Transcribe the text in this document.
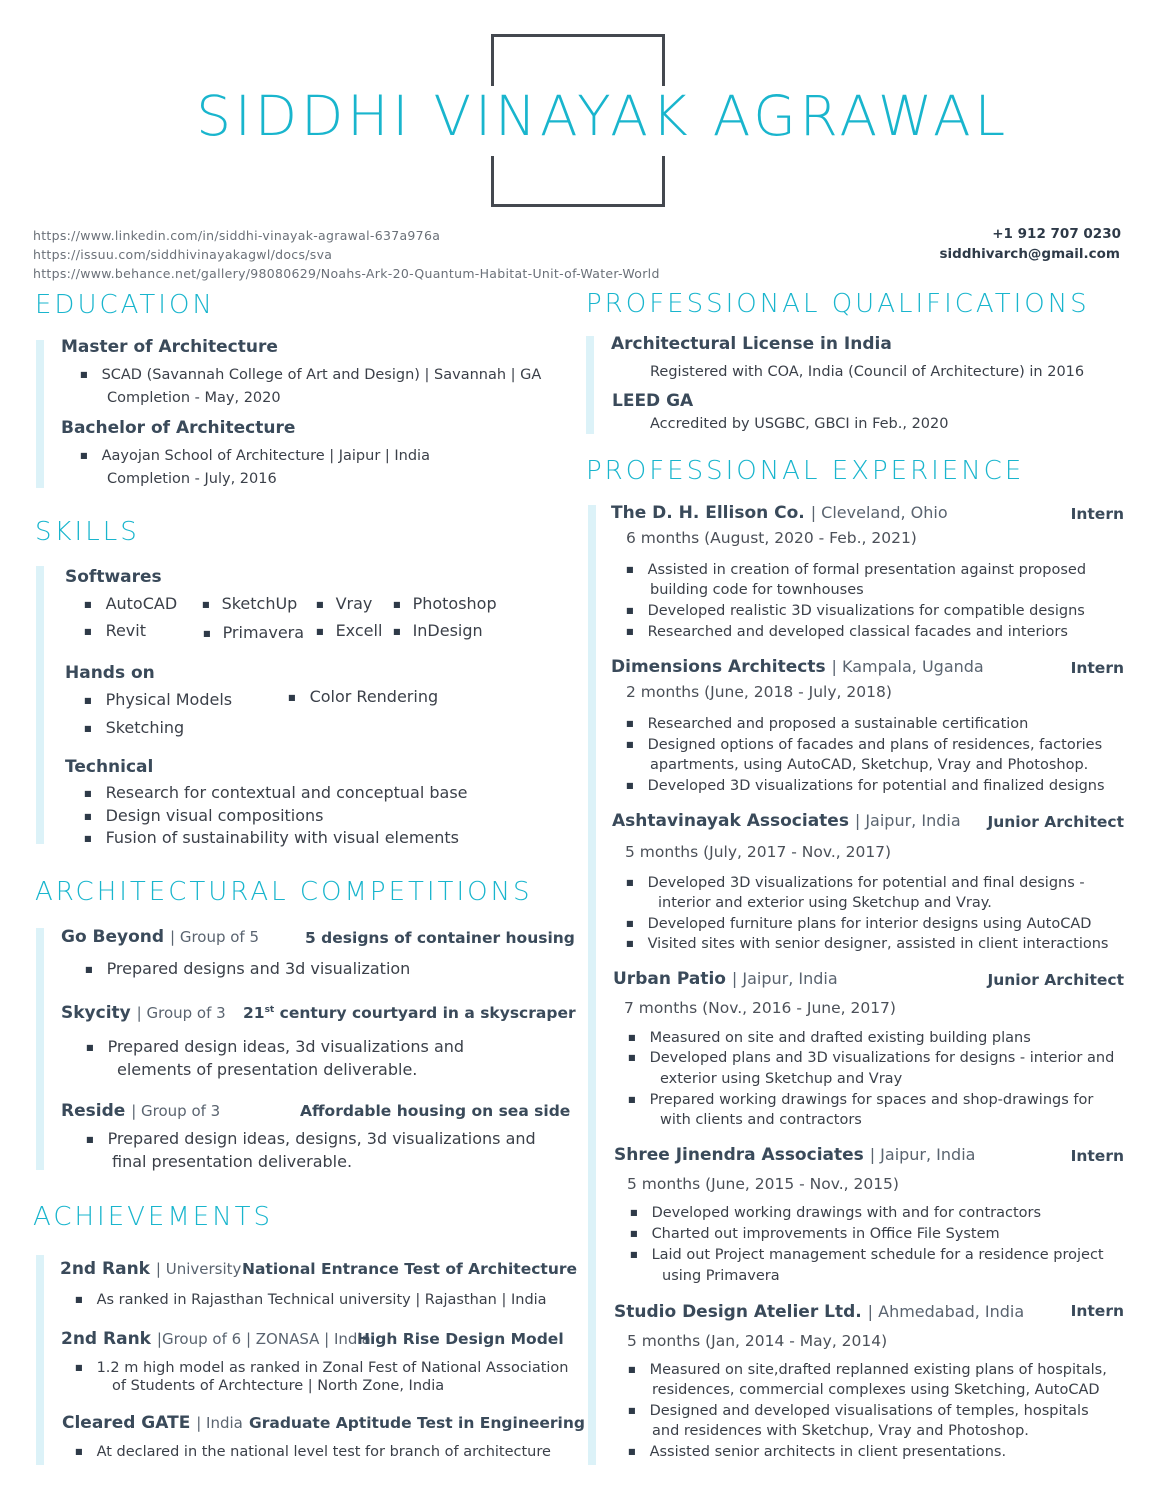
SIDDHI VINAYAK AGRAWAL
https://www.linkedin.com/in/siddhi-vinayak-agrawal-637a976a
https://issuu.com/siddhivinayakagwl/docs/sva
https://www.behance.net/gallery/98080629/Noahs-Ark-20-Quantum-Habitat-Unit-of-Water-World
+1 912 707 0230
siddhivarch@gmail.com
EDUCATION
Master of Architecture
■ SCAD (Savannah College of Art and Design) | Savannah | GA
Completion - May, 2020
Bachelor of Architecture
■ Aayojan School of Architecture | Jaipur | India
Completion - July, 2016
SKILLS
Softwares
■ AutoCAD	■ SketchUp	■ Vray	■ Photoshop
■ Revit	■ Primavera	■ Excell	■ InDesign
Hands on
■ Physical Models	■ Color Rendering
■ Sketching
Technical
■ Research for contextual and conceptual base
■ Design visual compositions
■ Fusion of sustainability with visual elements
ARCHITECTURAL COMPETITIONS
Go Beyond | Group of 5	5 designs of container housing
■ Prepared designs and 3d visualization
Skycity | Group of 3 21st century courtyard in a skyscraper
■ Prepared design ideas, 3d visualizations and
elements of presentation deliverable.
Reside | Group of 3	Affordable housing on sea side
■ Prepared design ideas, designs, 3d visualizations and
final presentation deliverable.
ACHIEVEMENTS
2nd Rank | University National Entrance Test of Architecture
■ As ranked in Rajasthan Technical university | Rajasthan | India
2nd Rank |Group of 6 | ZONASA | India
High Rise Design Model
■ 1.2 m high model as ranked in Zonal Fest of National Association
of Students of Archtecture | North Zone, India
Cleared GATE | India Graduate Aptitude Test in Engineering
■ At declared in the national level test for branch of architecture
PROFESSIONAL QUALIFICATIONS
Architectural License in India
Registered with COA, India (Council of Architecture) in 2016
LEED GA
Accredited by USGBC, GBCI in Feb., 2020
PROFESSIONAL EXPERIENCE
The D. H. Ellison Co. | Cleveland, Ohio	Intern
6 months (August, 2020 - Feb., 2021)
■ Assisted in creation of formal presentation against proposed
building code for townhouses
■ Developed realistic 3D visualizations for compatible designs
■ Researched and developed classical facades and interiors
Dimensions Architects | Kampala, Uganda	Intern
2 months (June, 2018 - July, 2018)
■ Researched and proposed a sustainable certification
■ Designed options of facades and plans of residences, factories
apartments, using AutoCAD, Sketchup, Vray and Photoshop.
■ Developed 3D visualizations for potential and finalized designs
Ashtavinayak Associates | Jaipur, India Junior Architect
5 months (July, 2017 - Nov., 2017)
■ Developed 3D visualizations for potential and final designs -
interior and exterior using Sketchup and Vray.
■ Developed furniture plans for interior designs using AutoCAD
■ Visited sites with senior designer, assisted in client interactions
Urban Patio | Jaipur, India	Junior Architect
7 months (Nov., 2016 - June, 2017)
■ Measured on site and drafted existing building plans
■ Developed plans and 3D visualizations for designs - interior and
exterior using Sketchup and Vray
■ Prepared working drawings for spaces and shop-drawings for
with clients and contractors
Shree Jinendra Associates | Jaipur, India	Intern
5 months (June, 2015 - Nov., 2015)
■ Developed working drawings with and for contractors
■ Charted out improvements in Office File System
■ Laid out Project management schedule for a residence project
using Primavera
Studio Design Atelier Ltd. | Ahmedabad, India	Intern
5 months (Jan, 2014 - May, 2014)
■ Measured on site,drafted replanned existing plans of hospitals,
residences, commercial complexes using Sketching, AutoCAD
■ Designed and developed visualisations of temples, hospitals
and residences with Sketchup, Vray and Photoshop.
■ Assisted senior architects in client presentations.
